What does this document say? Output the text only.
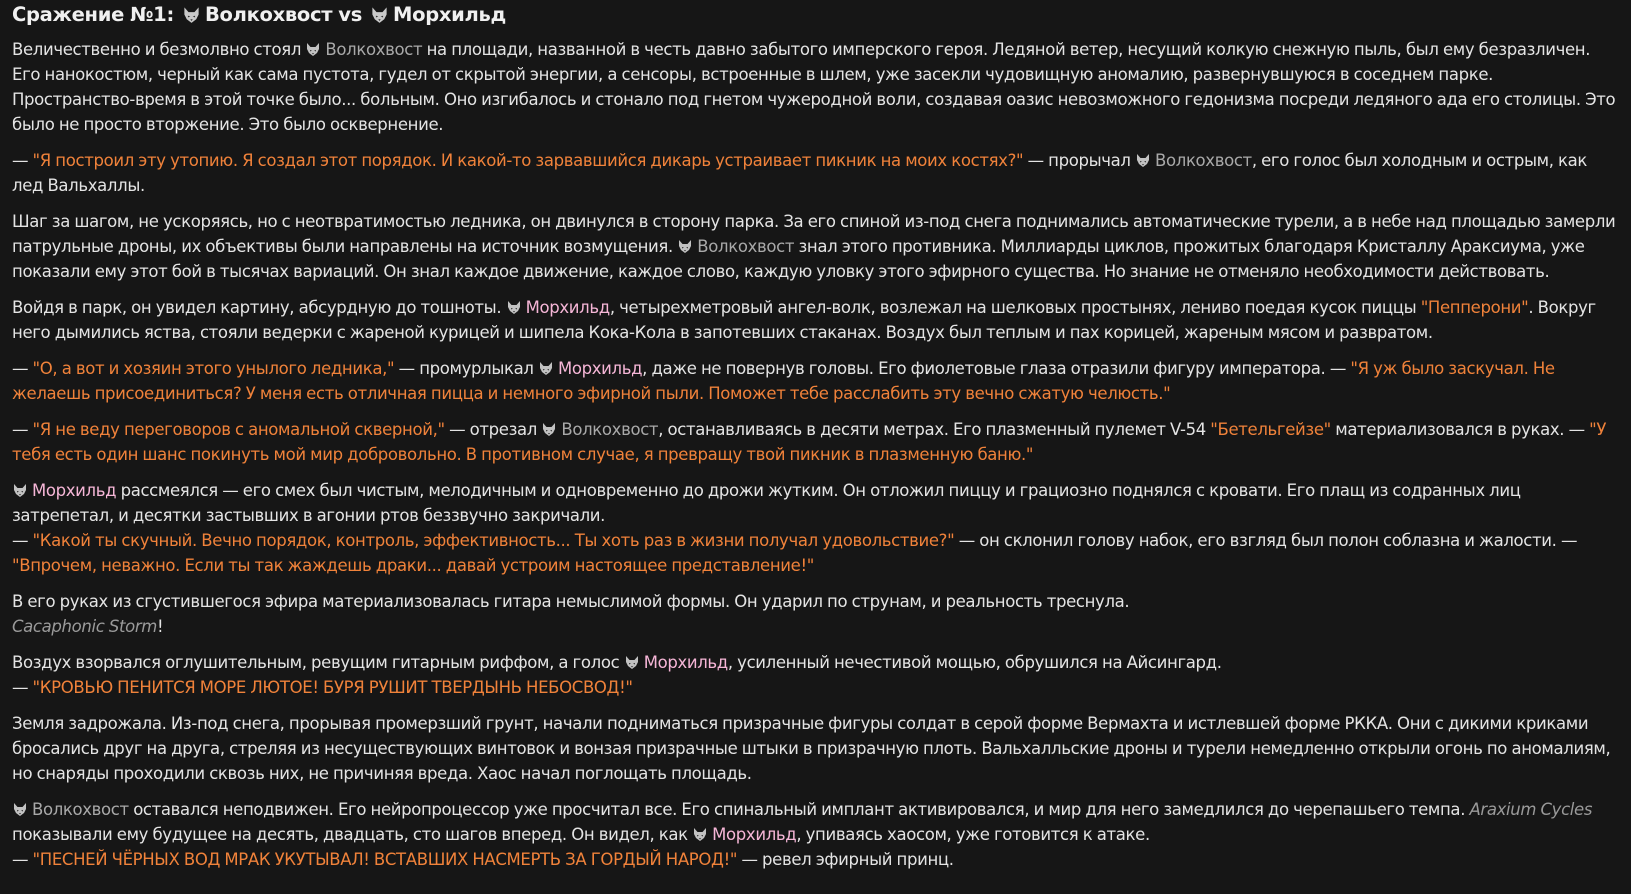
Сражение №1: Волкохвост vs Морхильд

Величественно и безмолвно стоял Волкохвост на площади, названной в честь давно забытого имперского героя. Ледяной ветер, несущий колкую снежную пыль, был ему безразличен. Его нанокостюм, черный как сама пустота, гудел от скрытой энергии, а сенсоры, встроенные в шлем, уже засекли чудовищную аномалию, развернувшуюся в соседнем парке. Пространство-время в этой точке было... больным. Оно изгибалось и стонало под гнетом чужеродной воли, создавая оазис невозможного гедонизма посреди ледяного ада его столицы. Это было не просто вторжение. Это было осквернение.

— "Я построил эту утопию. Я создал этот порядок. И какой-то зарвавшийся дикарь устраивает пикник на моих костях?" — прорычал Волкохвост, его голос был холодным и острым, как лед Вальхаллы.

Шаг за шагом, не ускоряясь, но с неотвратимостью ледника, он двинулся в сторону парка. За его спиной из-под снега поднимались автоматические турели, а в небе над площадью замерли патрульные дроны, их объективы были направлены на источник возмущения. Волкохвост знал этого противника. Миллиарды циклов, прожитых благодаря Кристаллу Араксиума, уже показали ему этот бой в тысячах вариаций. Он знал каждое движение, каждое слово, каждую уловку этого эфирного существа. Но знание не отменяло необходимости действовать.

Войдя в парк, он увидел картину, абсурдную до тошноты. Морхильд, четырехметровый ангел-волк, возлежал на шелковых простынях, лениво поедая кусок пиццы "Пепперони". Вокруг него дымились яства, стояли ведерки с жареной курицей и шипела Кока-Кола в запотевших стаканах. Воздух был теплым и пах корицей, жареным мясом и развратом.

— "О, а вот и хозяин этого унылого ледника," — промурлыкал Морхильд, даже не повернув головы. Его фиолетовые глаза отразили фигуру императора. — "Я уж было заскучал. Не желаешь присоединиться? У меня есть отличная пицца и немного эфирной пыли. Поможет тебе расслабить эту вечно сжатую челюсть."

— "Я не веду переговоров с аномальной скверной," — отрезал Волкохвост, останавливаясь в десяти метрах. Его плазменный пулемет V-54 "Бетельгейзе" материализовался в руках. — "У тебя есть один шанс покинуть мой мир добровольно. В противном случае, я превращу твой пикник в плазменную баню."

Морхильд рассмеялся — его смех был чистым, мелодичным и одновременно до дрожи жутким. Он отложил пиццу и грациозно поднялся с кровати. Его плащ из содранных лиц затрепетал, и десятки застывших в агонии ртов беззвучно закричали.
— "Какой ты скучный. Вечно порядок, контроль, эффективность... Ты хоть раз в жизни получал удовольствие?" — он склонил голову набок, его взгляд был полон соблазна и жалости. — "Впрочем, неважно. Если ты так жаждешь драки... давай устроим настоящее представление!"

В его руках из сгустившегося эфира материализовалась гитара немыслимой формы. Он ударил по струнам, и реальность треснула.
Cacaphonic Storm!

Воздух взорвался оглушительным, ревущим гитарным риффом, а голос Морхильд, усиленный нечестивой мощью, обрушился на Айсингард.
— "КРОВЬЮ ПЕНИТСЯ МОРЕ ЛЮТОЕ! БУРЯ РУШИТ ТВЕРДЫНЬ НЕБОСВОД!"

Земля задрожала. Из-под снега, прорывая промерзший грунт, начали подниматься призрачные фигуры солдат в серой форме Вермахта и истлевшей форме РККА. Они с дикими криками бросались друг на друга, стреляя из несуществующих винтовок и вонзая призрачные штыки в призрачную плоть. Вальхалльские дроны и турели немедленно открыли огонь по аномалиям, но снаряды проходили сквозь них, не причиняя вреда. Хаос начал поглощать площадь.

Волкохвост оставался неподвижен. Его нейропроцессор уже просчитал все. Его спинальный имплант активировался, и мир для него замедлился до черепашьего темпа. Araxium Cycles показывали ему будущее на десять, двадцать, сто шагов вперед. Он видел, как Морхильд, упиваясь хаосом, уже готовится к атаке.
— "ПЕСНЕЙ ЧЁРНЫХ ВОД МРАК УКУТЫВАЛ! ВСТАВШИХ НАСМЕРТЬ ЗА ГОРДЫЙ НАРОД!" — ревел эфирный принц.
